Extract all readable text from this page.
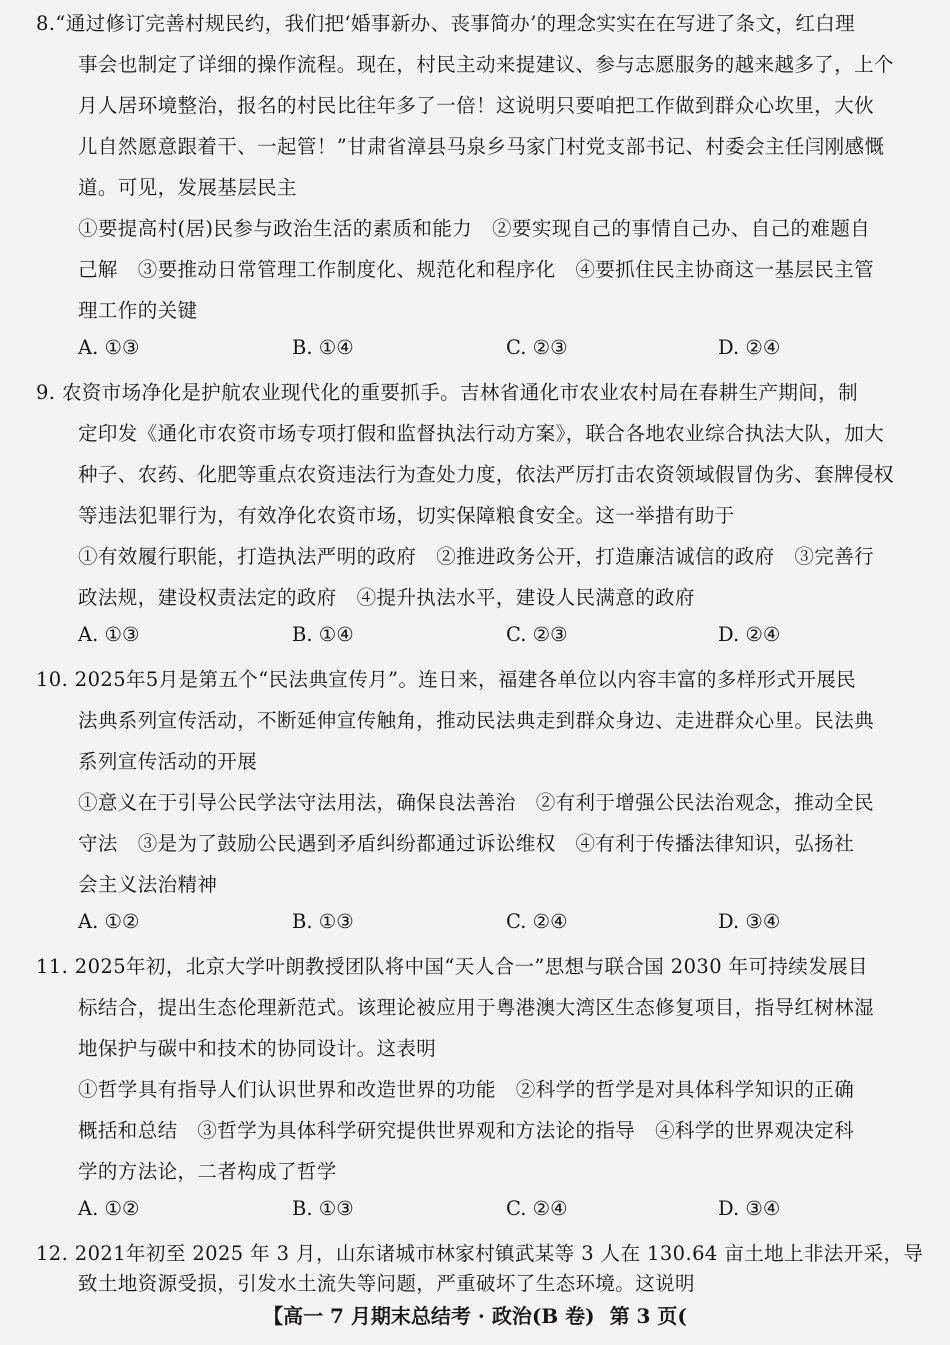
8.“通过修订完善村规民约，我们把‘婚事新办、丧事简办’的理念实实在在写进了条文，红白理
事会也制定了详细的操作流程。现在，村民主动来提建议、参与志愿服务的越来越多了，上个
月人居环境整治，报名的村民比往年多了一倍！这说明只要咱把工作做到群众心坎里，大伙
儿自然愿意跟着干、一起管！”甘肃省漳县马泉乡马家门村党支部书记、村委会主任闫刚感慨
道。可见，发展基层民主
①要提高村(居)民参与政治生活的素质和能力　②要实现自己的事情自己办、自己的难题自
己解　③要推动日常管理工作制度化、规范化和程序化　④要抓住民主协商这一基层民主管
理工作的关键
A. ①③	B. ①④	C. ②③	D. ②④
9. 农资市场净化是护航农业现代化的重要抓手。吉林省通化市农业农村局在春耕生产期间，制
定印发《通化市农资市场专项打假和监督执法行动方案》，联合各地农业综合执法大队，加大
种子、农药、化肥等重点农资违法行为查处力度，依法严厉打击农资领域假冒伪劣、套牌侵权
等违法犯罪行为，有效净化农资市场，切实保障粮食安全。这一举措有助于
①有效履行职能，打造执法严明的政府　②推进政务公开，打造廉洁诚信的政府　③完善行
政法规，建设权责法定的政府　④提升执法水平，建设人民满意的政府
A. ①③	B. ①④	C. ②③	D. ②④
10. 2025年5月是第五个“民法典宣传月”。连日来，福建各单位以内容丰富的多样形式开展民
法典系列宣传活动，不断延伸宣传触角，推动民法典走到群众身边、走进群众心里。民法典
系列宣传活动的开展
①意义在于引导公民学法守法用法，确保良法善治　②有利于增强公民法治观念，推动全民
守法　③是为了鼓励公民遇到矛盾纠纷都通过诉讼维权　④有利于传播法律知识，弘扬社
会主义法治精神
A. ①②	B. ①③	C. ②④	D. ③④
11. 2025年初，北京大学叶朗教授团队将中国“天人合一”思想与联合国 2030 年可持续发展目
标结合，提出生态伦理新范式。该理论被应用于粤港澳大湾区生态修复项目，指导红树林湿
地保护与碳中和技术的协同设计。这表明
①哲学具有指导人们认识世界和改造世界的功能　②科学的哲学是对具体科学知识的正确
概括和总结　③哲学为具体科学研究提供世界观和方法论的指导　④科学的世界观决定科
学的方法论，二者构成了哲学
A. ①②	B. ①③	C. ②④	D. ③④
12. 2021年初至 2025 年 3 月，山东诸城市林家村镇武某等 3 人在 130.64 亩土地上非法开采，导
致土地资源受损，引发水土流失等问题，严重破坏了生态环境。这说明
【高一 7 月期末总结考 · 政治(B 卷) 第 3 页(
